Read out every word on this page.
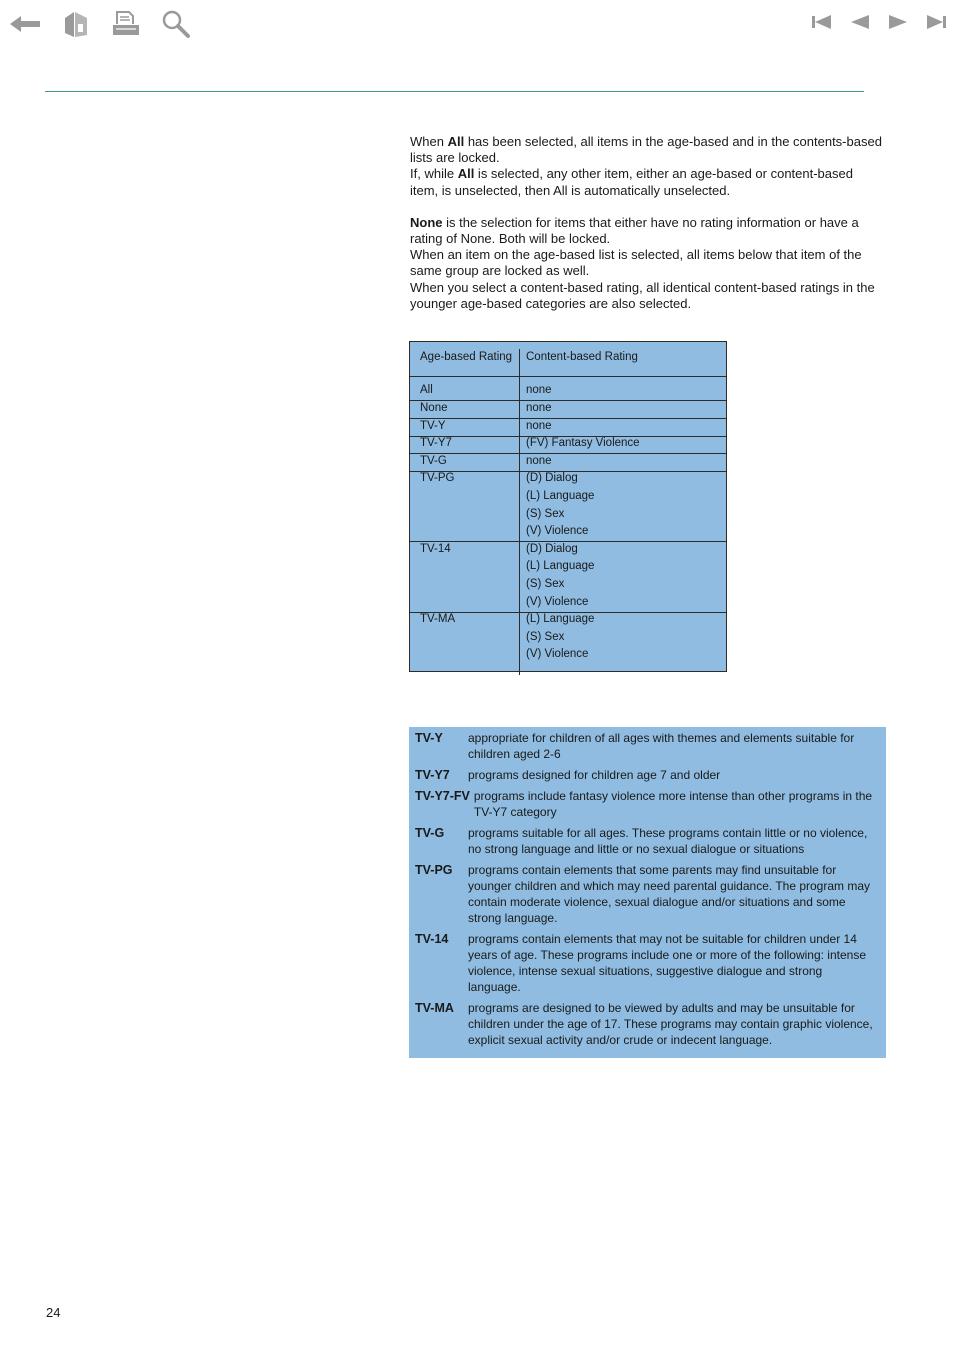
When All has been selected, all items in the age-based and in the contents-based lists are locked.

If, while All is selected, any other item, either an age-based or content-based item, is unselected, then All is automatically unselected.

None is the selection for items that either have no rating information or have a rating of None. Both will be locked.

When an item on the age-based list is selected, all items below that item of the same group are locked as well.

When you select a content-based rating, all identical content-based ratings in the younger age-based categories are also selected.

Age-based Rating Content-based Rating
All	none
None	none
TV-Y	none
TV-Y7	(FV) Fantasy Violence
TV-G	none
TV-PG	(D) Dialog
(L) Language
(S) Sex
(V) Violence
TV-14	(D) Dialog
(L) Language
(S) Sex
(V) Violence
TV-MA	(L) Language
(S) Sex
(V) Violence
TV-Y	appropriate for children of all ages with themes and elements suitable for children aged 2-6
TV-Y7	programs designed for children age 7 and older
TV-Y7-FV programs include fantasy violence more intense than other programs in the TV-Y7 category
TV-G	programs suitable for all ages. These programs contain little or no violence, no strong language and little or no sexual dialogue or situations
TV-PG	programs contain elements that some parents may find unsuitable for younger children and which may need parental guidance. The program may contain moderate violence, sexual dialogue and/or situations and some strong language.
TV-14	programs contain elements that may not be suitable for children under 14 years of age. These programs include one or more of the following: intense violence, intense sexual situations, suggestive dialogue and strong language.
TV-MA	programs are designed to be viewed by adults and may be unsuitable for children under the age of 17. These programs may contain graphic violence, explicit sexual activity and/or crude or indecent language.
24
